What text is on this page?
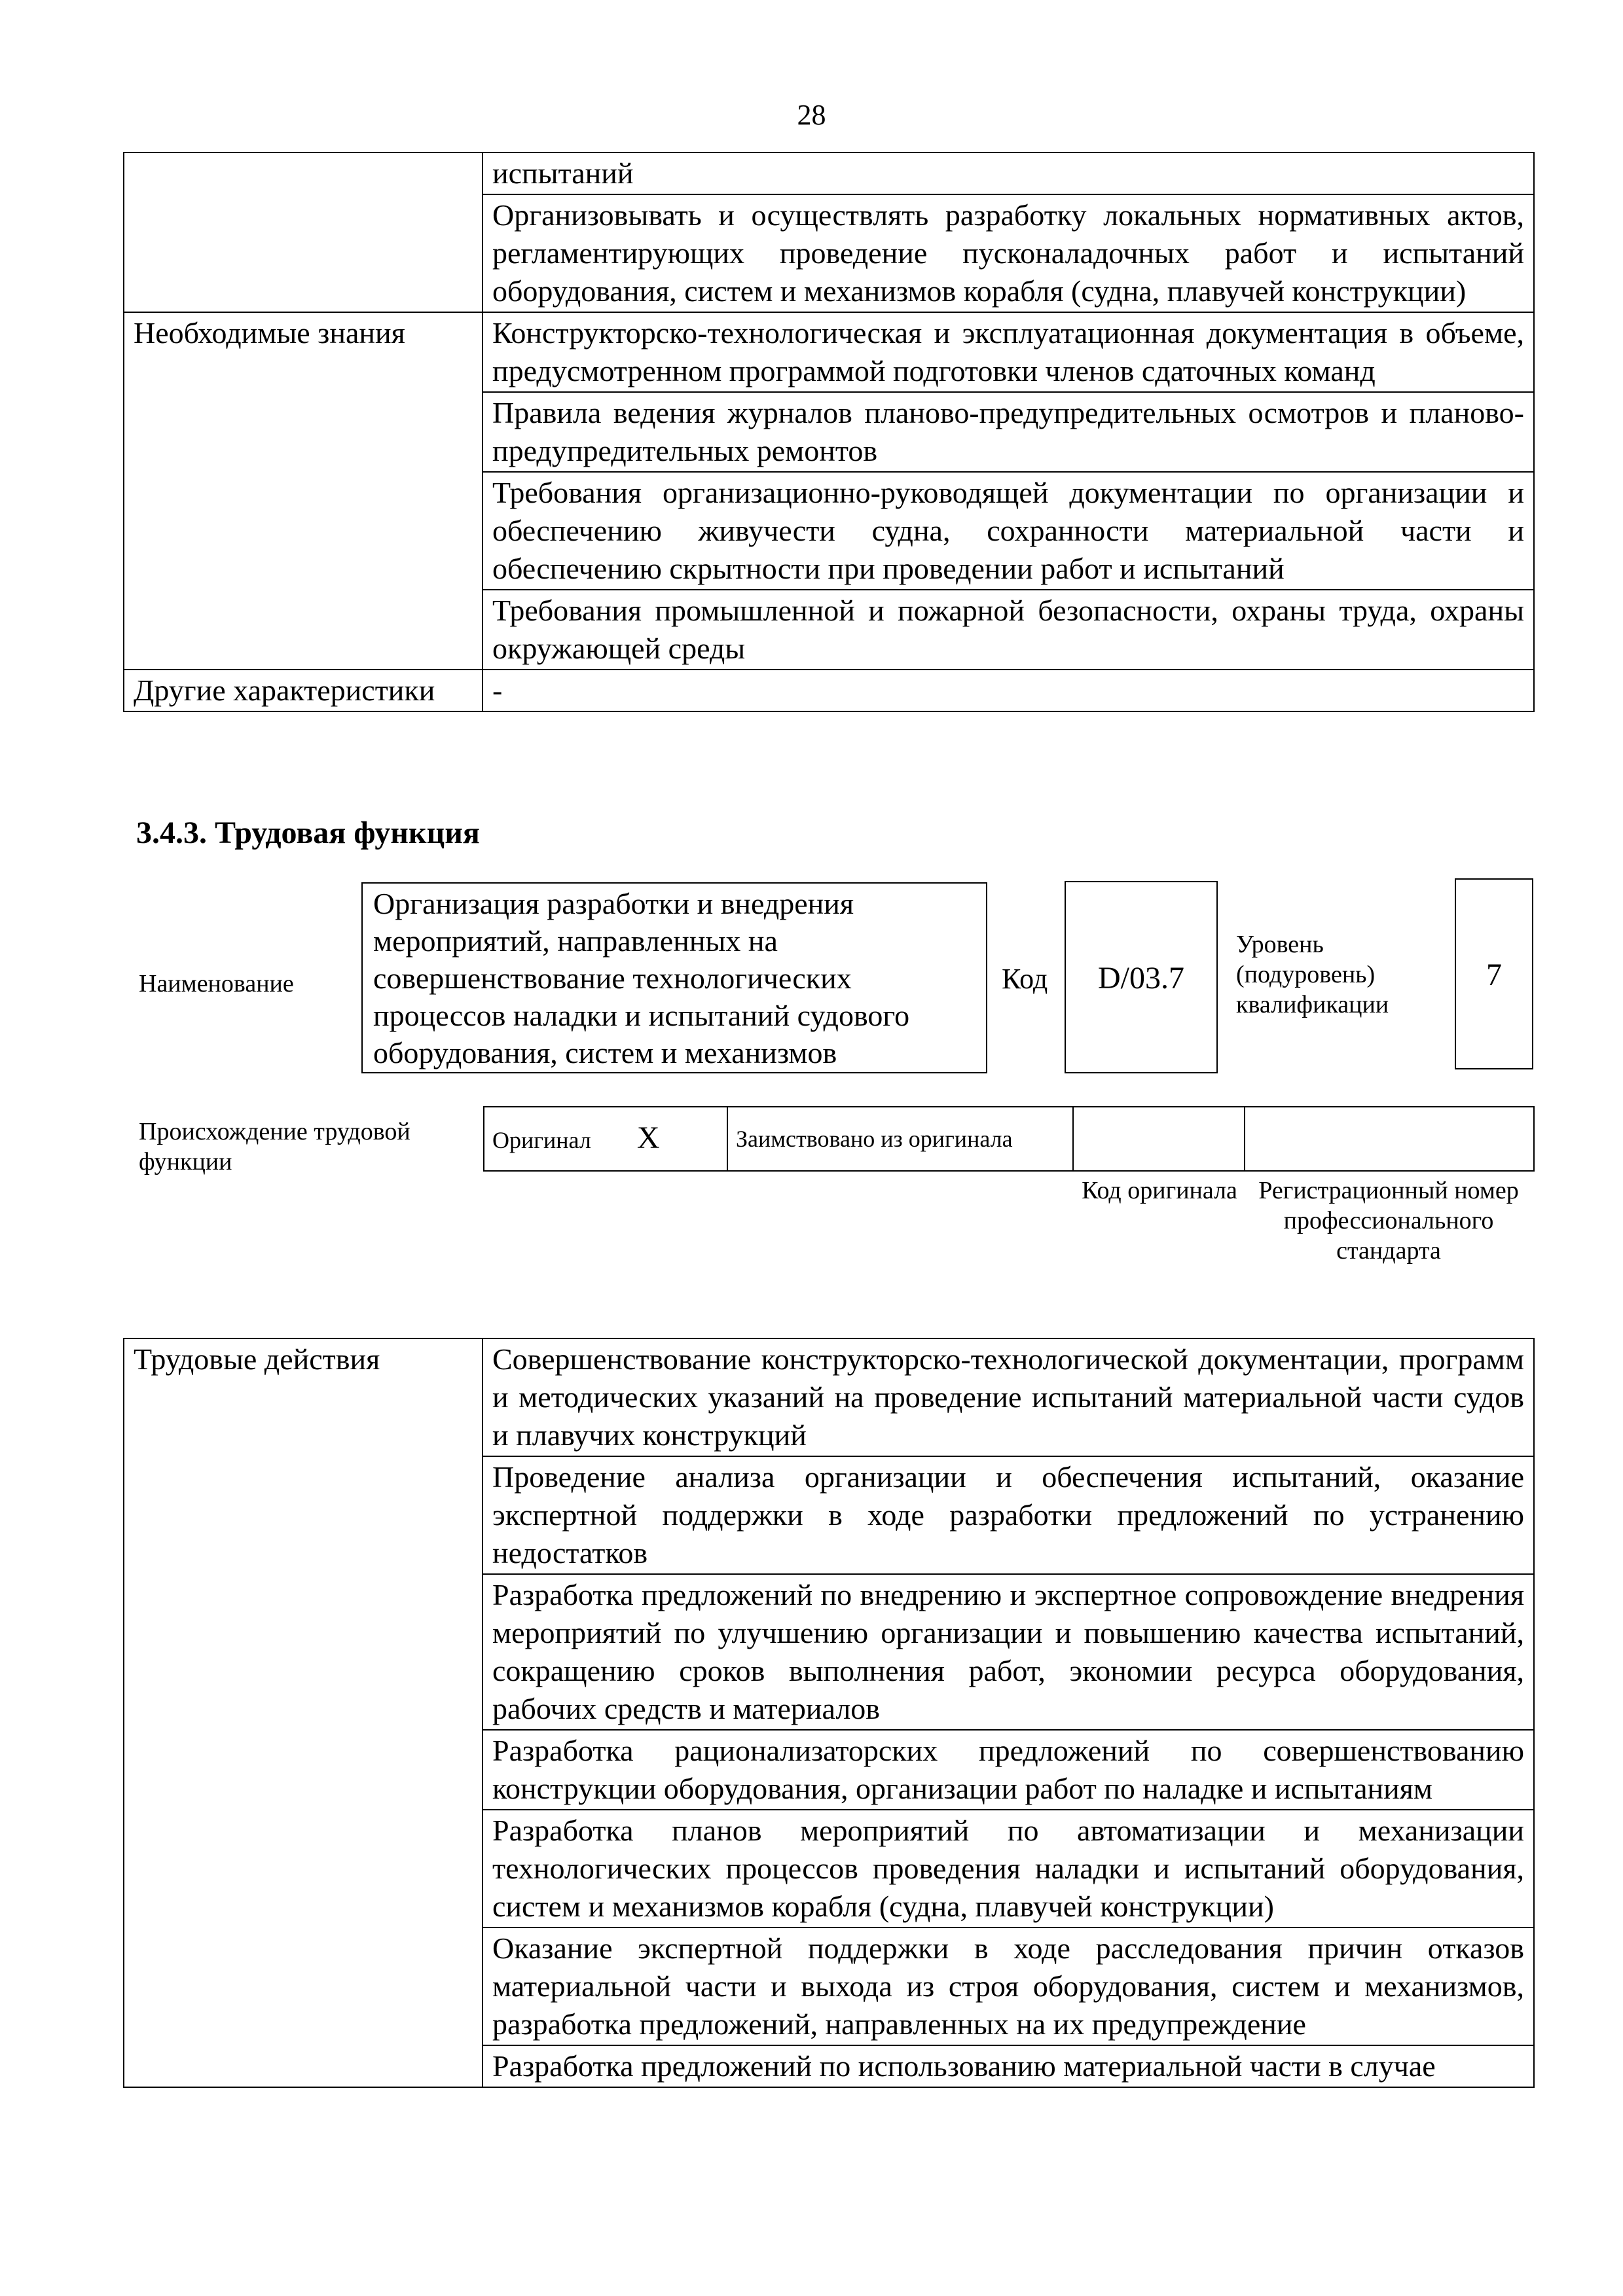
28
	испытаний
	Организовывать и осуществлять разработку локальных нормативных актов, регламентирующих проведение пусконаладочных работ и испытаний оборудования, систем и механизмов корабля (судна, плавучей конструкции)
Необходимые знания	Конструкторско-технологическая и эксплуатационная документация в объеме, предусмотренном программой подготовки членов сдаточных команд
	Правила ведения журналов планово-предупредительных осмотров и планово-предупредительных ремонтов
	Требования организационно-руководящей документации по организации и обеспечению живучести судна, сохранности материальной части и обеспечению скрытности при проведении работ и испытаний
	Требования промышленной и пожарной безопасности, охраны труда, охраны окружающей среды
Другие характеристики	-
3.4.3. Трудовая функция
Наименование
Организация разработки и внедрения мероприятий, направленных на совершенствование технологических процессов наладки и испытаний судового оборудования, систем и механизмов
Код	D/03.7
Уровень (подуровень) квалификации
7
Происхождение трудовой функции
Оригинал X	Заимствовано из оригинала		
Код оригинала Регистрационный номер профессионального стандарта
Трудовые действия	Совершенствование конструкторско-технологической документации, программ и методических указаний на проведение испытаний материальной части судов и плавучих конструкций
Проведение анализа организации и обеспечения испытаний, оказание экспертной поддержки в ходе разработки предложений по устранению недостатков
Разработка предложений по внедрению и экспертное сопровождение внедрения мероприятий по улучшению организации и повышению качества испытаний, сокращению сроков выполнения работ, экономии ресурса оборудования, рабочих средств и материалов
Разработка рационализаторских предложений по совершенствованию конструкции оборудования, организации работ по наладке и испытаниям
Разработка планов мероприятий по автоматизации и механизации технологических процессов проведения наладки и испытаний оборудования, систем и механизмов корабля (судна, плавучей конструкции)
Оказание экспертной поддержки в ходе расследования причин отказов материальной части и выхода из строя оборудования, систем и механизмов, разработка предложений, направленных на их предупреждение
Разработка предложений по использованию материальной части в случае
